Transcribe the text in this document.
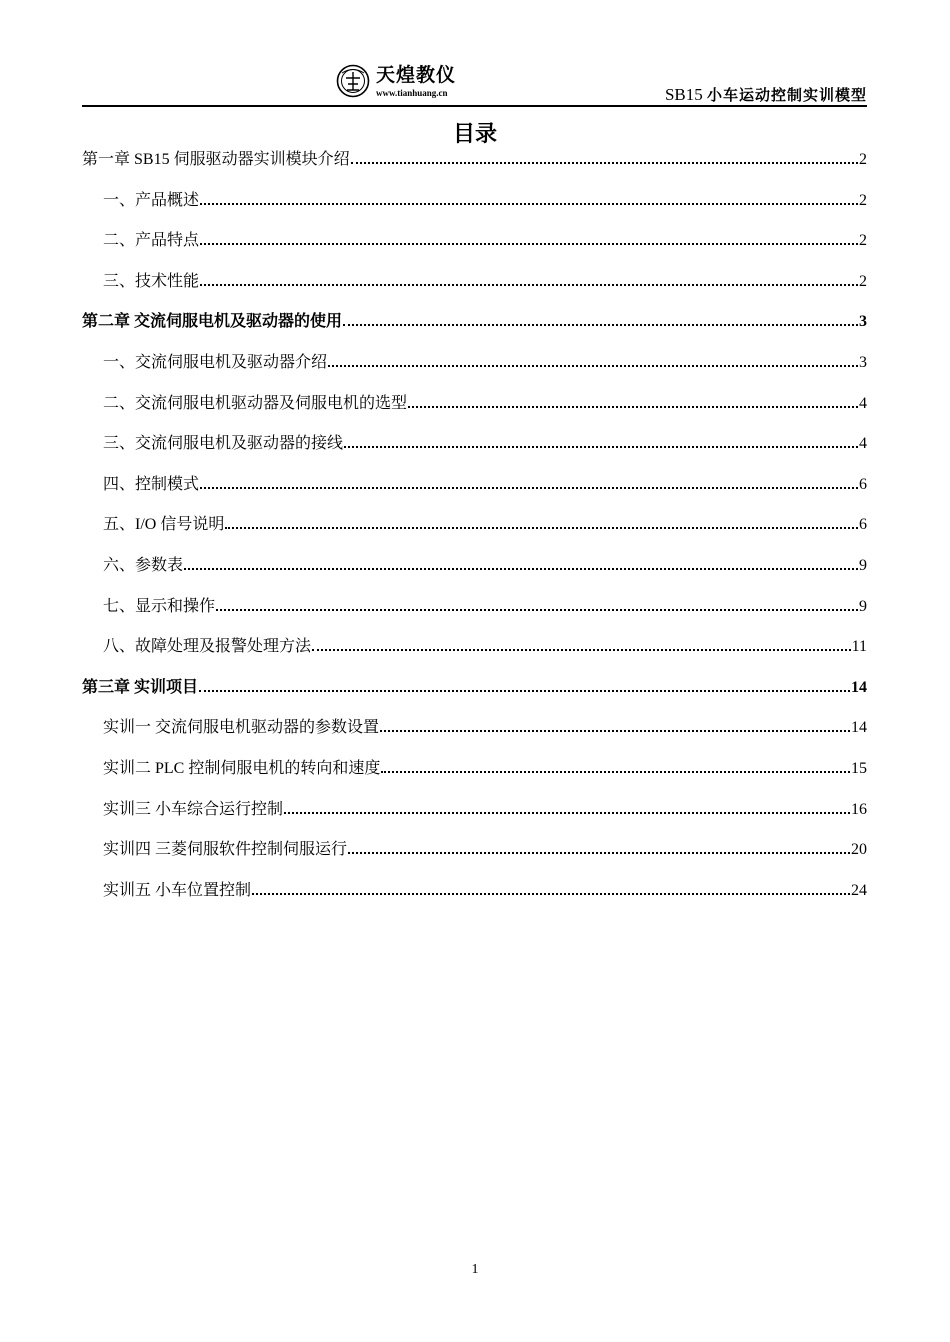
天煌教仪
www.tianhuang.cn	SB15 小车运动控制实训模型
目录
第一章 SB15 伺服驱动器实训模块介绍	2
一、产品概述	2
二、产品特点	2
三、技术性能	2
第二章 交流伺服电机及驱动器的使用	3
一、交流伺服电机及驱动器介绍	3
二、交流伺服电机驱动器及伺服电机的选型	4
三、交流伺服电机及驱动器的接线	4
四、控制模式	6
五、I/O 信号说明	6
六、参数表	9
七、显示和操作	9
八、故障处理及报警处理方法	11
第三章 实训项目	14
实训一 交流伺服电机驱动器的参数设置	14
实训二 PLC 控制伺服电机的转向和速度	15
实训三 小车综合运行控制	16
实训四 三菱伺服软件控制伺服运行	20
实训五 小车位置控制	24
1
